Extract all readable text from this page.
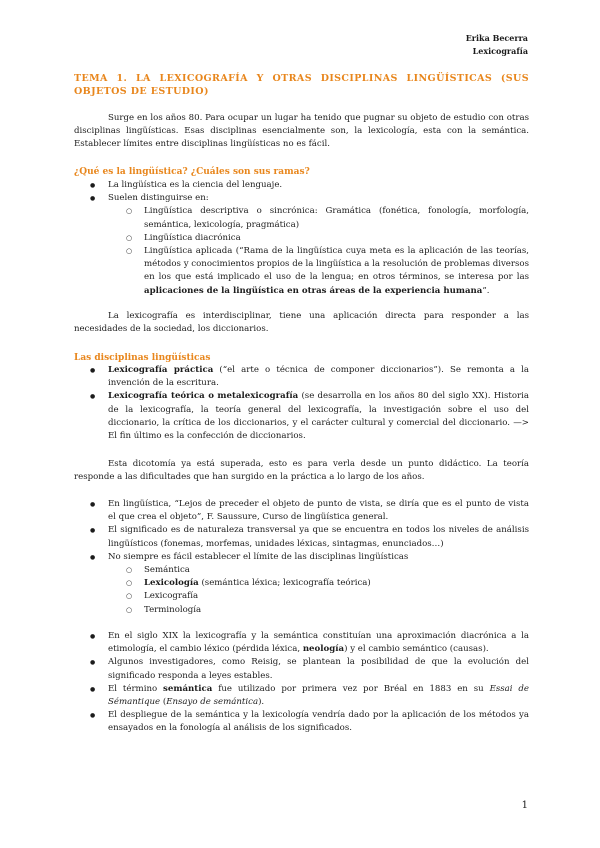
Erika Becerra
Lexicografía
TEMA 1. LA LEXICOGRAFÍA Y OTRAS DISCIPLINAS LINGÜÍSTICAS (SUS OBJETOS DE ESTUDIO)

Surge en los años 80. Para ocupar un lugar ha tenido que pugnar su objeto de estudio con otras disciplinas lingüísticas. Esas disciplinas esencialmente son, la lexicología, esta con la semántica. Establecer límites entre disciplinas lingüísticas no es fácil.

¿Qué es la lingüística? ¿Cuáles son sus ramas?
● La lingüística es la ciencia del lenguaje.
● Suelen distinguirse en:
○ Lingüística descriptiva o sincrónica: Gramática (fonética, fonología, morfología, semántica, lexicología, pragmática)
○ Lingüística diacrónica
○ Lingüística aplicada (“Rama de la lingüística cuya meta es la aplicación de las teorías, métodos y conocimientos propios de la lingüística a la resolución de problemas diversos en los que está implicado el uso de la lengua; en otros términos, se interesa por las aplicaciones de la lingüística en otras áreas de la experiencia humana”.

La lexicografía es interdisciplinar, tiene una aplicación directa para responder a las necesidades de la sociedad, los diccionarios.

Las disciplinas lingüísticas
● Lexicografía práctica (“el arte o técnica de componer diccionarios”). Se remonta a la invención de la escritura.
● Lexicografía teórica o metalexicografía (se desarrolla en los años 80 del siglo XX). Historia de la lexicografía, la teoría general del lexicografía, la investigación sobre el uso del diccionario, la crítica de los diccionarios, y el carácter cultural y comercial del diccionario. —> El fin último es la confección de diccionarios.

Esta dicotomía ya está superada, esto es para verla desde un punto didáctico. La teoría responde a las dificultades que han surgido en la práctica a lo largo de los años.

● En lingüística, “Lejos de preceder el objeto de punto de vista, se diría que es el punto de vista el que crea el objeto”, F. Saussure, Curso de lingüística general.
● El significado es de naturaleza transversal ya que se encuentra en todos los niveles de análisis lingüísticos (fonemas, morfemas, unidades léxicas, sintagmas, enunciados…)
● No siempre es fácil establecer el límite de las disciplinas lingüísticas
○ Semántica
○ Lexicología (semántica léxica; lexicografía teórica)
○ Lexicografía
○ Terminología
● En el siglo XIX la lexicografía y la semántica constituían una aproximación diacrónica a la etimología, el cambio léxico (pérdida léxica, neología) y el cambio semántico (causas).
● Algunos investigadores, como Reisig, se plantean la posibilidad de que la evolución del significado responda a leyes estables.
● El término semántica fue utilizado por primera vez por Bréal en 1883 en su Essai de Sémantique (Ensayo de semántica).
● El despliegue de la semántica y la lexicología vendría dado por la aplicación de los métodos ya ensayados en la fonología al análisis de los significados.
1
